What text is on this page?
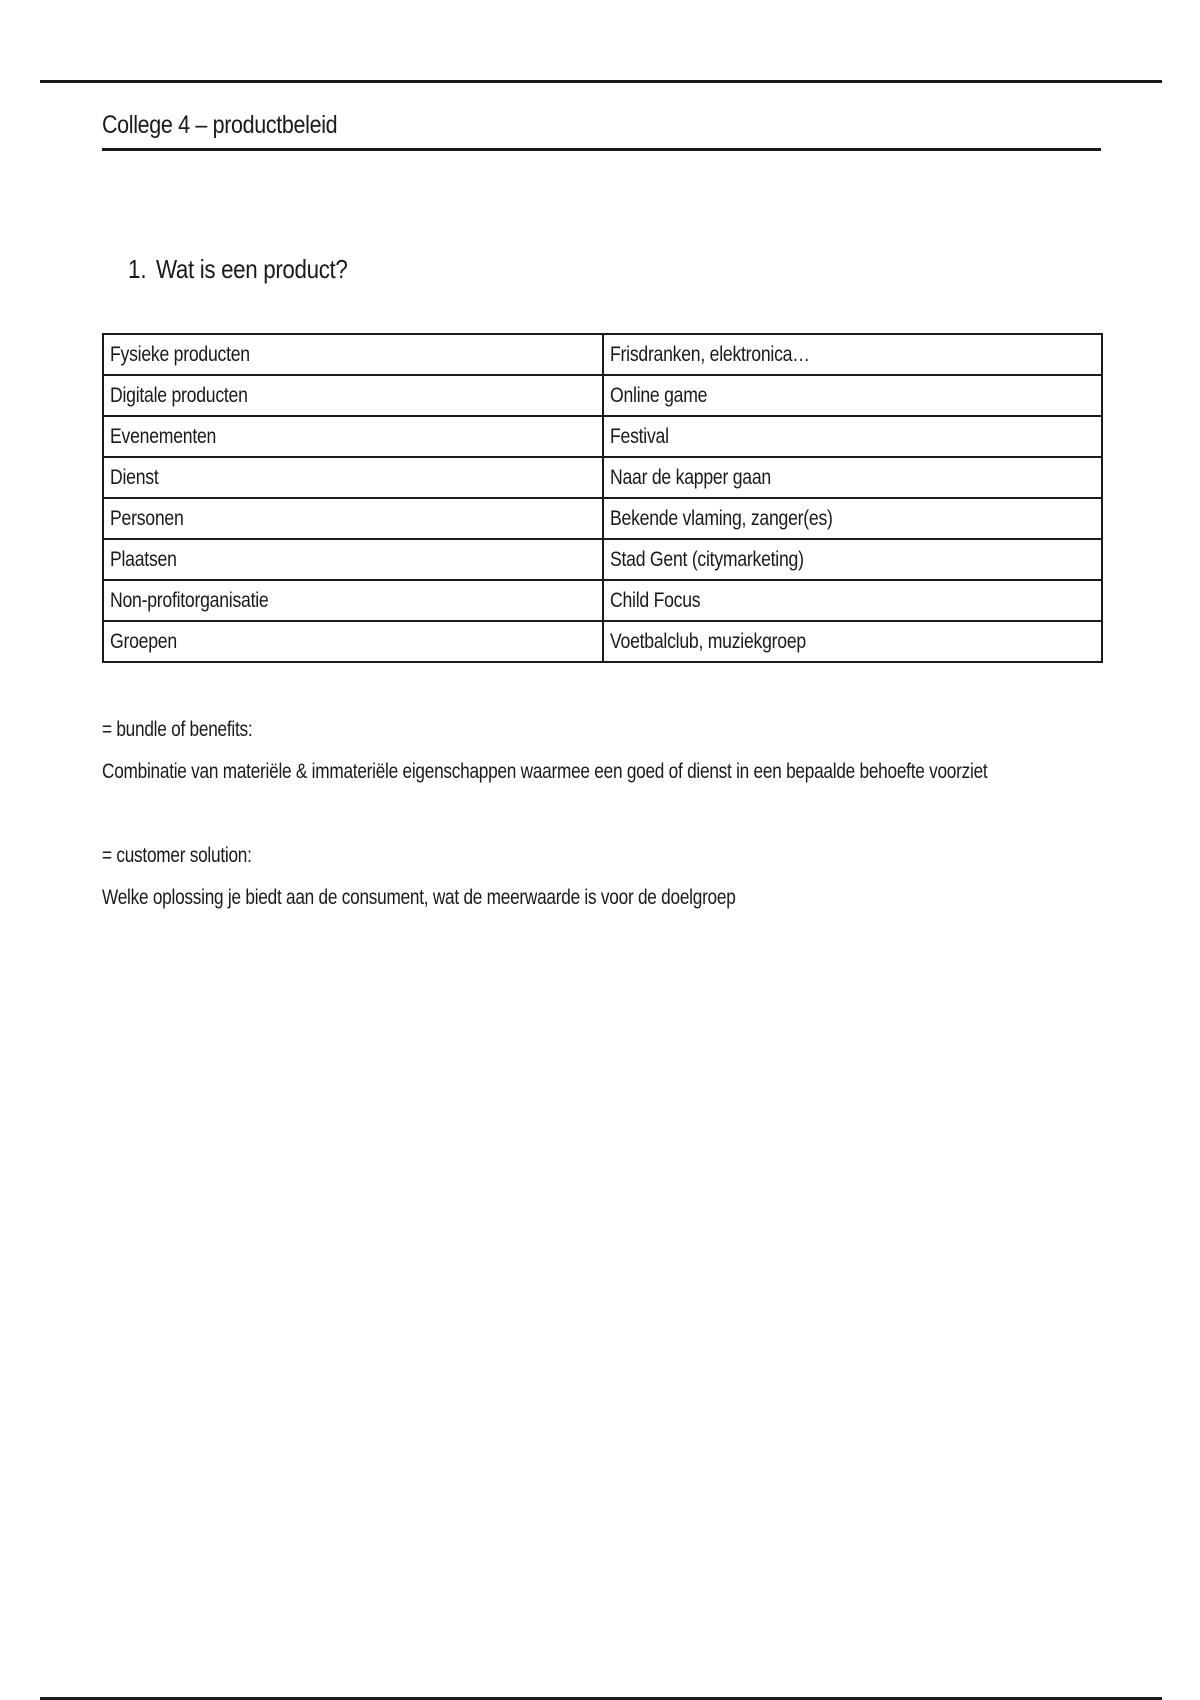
College 4 – productbeleid
1. Wat is een product?
Fysieke producten	Frisdranken, elektronica…
Digitale producten	Online game
Evenementen	Festival
Dienst	Naar de kapper gaan
Personen	Bekende vlaming, zanger(es)
Plaatsen	Stad Gent (citymarketing)
Non-profitorganisatie	Child Focus
Groepen	Voetbalclub, muziekgroep
= bundle of benefits:
Combinatie van materiële & immateriële eigenschappen waarmee een goed of dienst in een bepaalde behoefte voorziet
= customer solution:
Welke oplossing je biedt aan de consument, wat de meerwaarde is voor de doelgroep
